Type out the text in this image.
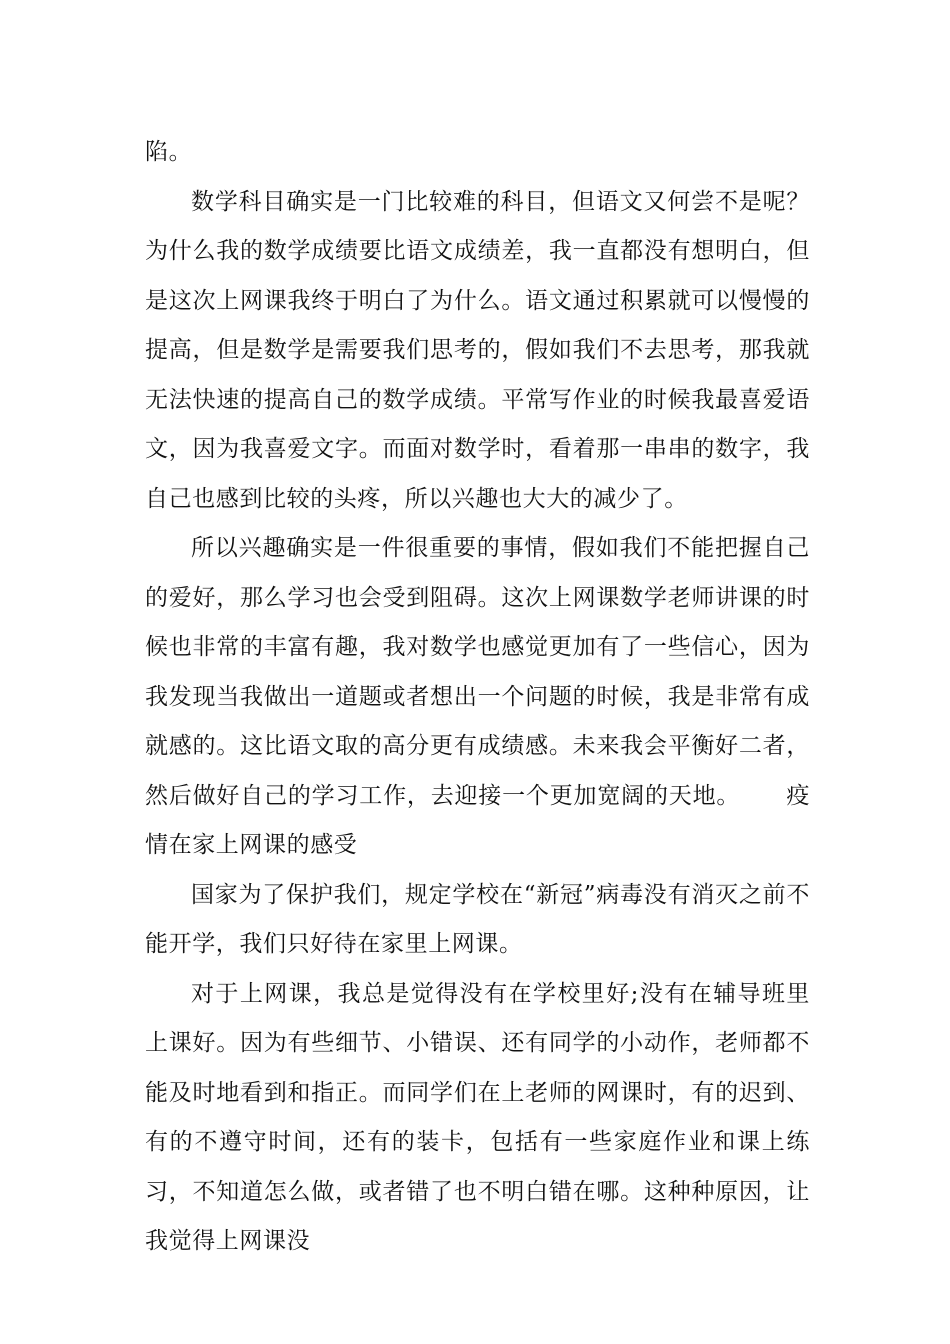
陷。

数学科目确实是一门比较难的科目，但语文又何尝不是呢？为什么我的数学成绩要比语文成绩差，我一直都没有想明白，但是这次上网课我终于明白了为什么。语文通过积累就可以慢慢的提高，但是数学是需要我们思考的，假如我们不去思考，那我就无法快速的提高自己的数学成绩。平常写作业的时候我最喜爱语文，因为我喜爱文字。而面对数学时，看着那一串串的数字，我自己也感到比较的头疼，所以兴趣也大大的减少了。

所以兴趣确实是一件很重要的事情，假如我们不能把握自己的爱好，那么学习也会受到阻碍。这次上网课数学老师讲课的时候也非常的丰富有趣，我对数学也感觉更加有了一些信心，因为我发现当我做出一道题或者想出一个问题的时候，我是非常有成就感的。这比语文取的高分更有成绩感。未来我会平衡好二者，然后做好自己的学习工作，去迎接一个更加宽阔的天地。 疫情在家上网课的感受

国家为了保护我们，规定学校在“新冠”病毒没有消灭之前不能开学，我们只好待在家里上网课。

对于上网课，我总是觉得没有在学校里好;没有在辅导班里上课好。因为有些细节、小错误、还有同学的小动作，老师都不能及时地看到和指正。而同学们在上老师的网课时，有的迟到、有的不遵守时间，还有的装卡，包括有一些家庭作业和课上练习，不知道怎么做，或者错了也不明白错在哪。这种种原因，让我觉得上网课没
